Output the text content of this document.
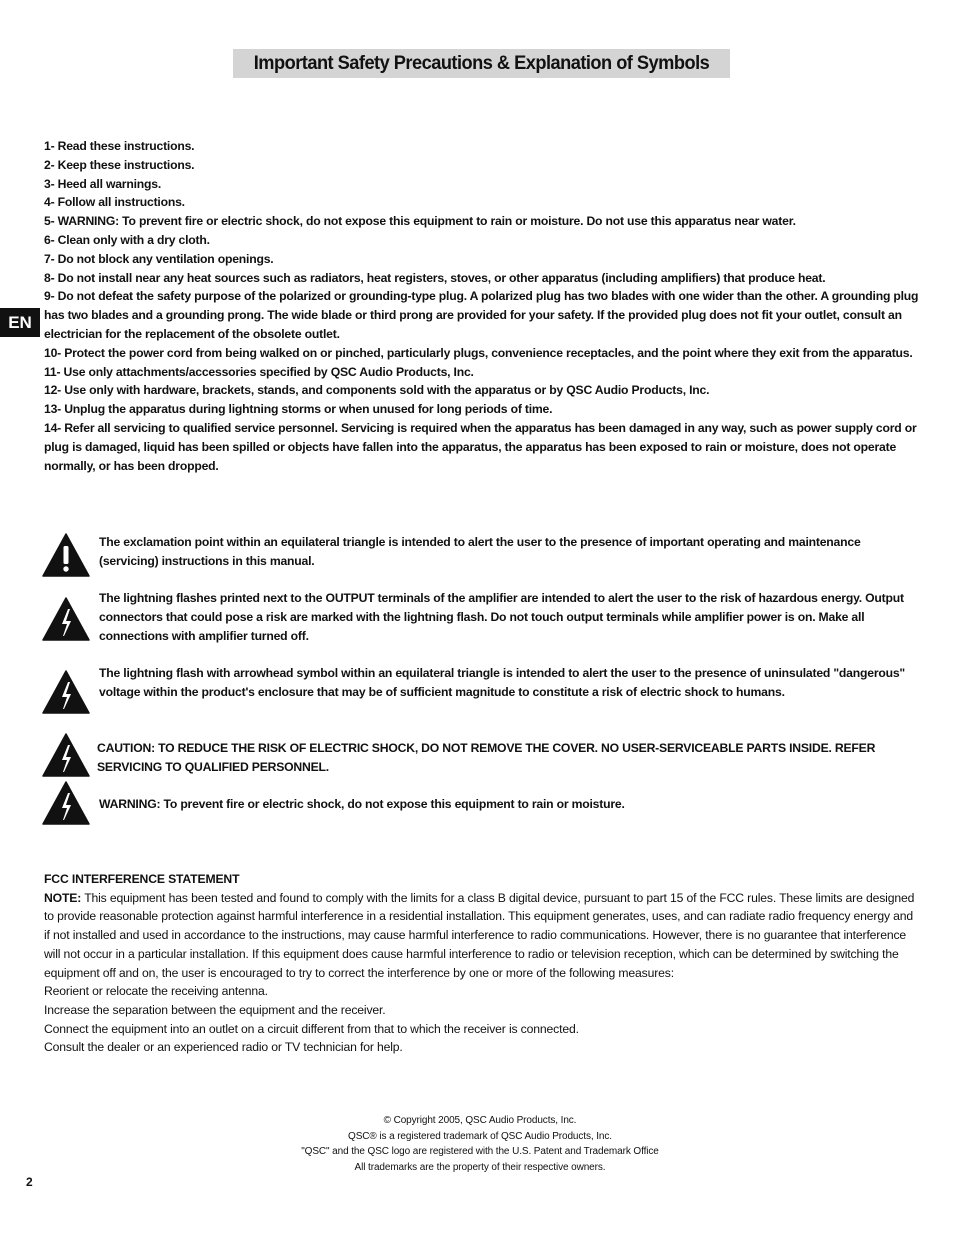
Important Safety Precautions & Explanation of Symbols
EN
1- Read these instructions.
2- Keep these instructions.
3- Heed all warnings.
4- Follow all instructions.
5- WARNING: To prevent fire or electric shock, do not expose this equipment to rain or moisture. Do not use this apparatus near water.
6- Clean only with a dry cloth.
7- Do not block any ventilation openings.
8- Do not install near any heat sources such as radiators, heat registers, stoves, or other apparatus (including amplifiers) that produce heat.
9- Do not defeat the safety purpose of the polarized or grounding-type plug. A polarized plug has two blades with one wider than the other. A grounding plug has two blades and a grounding prong. The wide blade or third prong are provided for your safety. If the provided plug does not fit your outlet, consult an electrician for the replacement of the obsolete outlet.
10- Protect the power cord from being walked on or pinched, particularly plugs, convenience receptacles, and the point where they exit from the apparatus.
11- Use only attachments/accessories specified by QSC Audio Products, Inc.
12- Use only with hardware, brackets, stands, and components sold with the apparatus or by QSC Audio Products, Inc.
13- Unplug the apparatus during lightning storms or when unused for long periods of time.
14- Refer all servicing to qualified service personnel. Servicing is required when the apparatus has been damaged in any way, such as power supply cord or plug is damaged, liquid has been spilled or objects have fallen into the apparatus, the apparatus has been exposed to rain or moisture, does not operate normally, or has been dropped.

The exclamation point within an equilateral triangle is intended to alert the user to the presence of important operating and maintenance (servicing) instructions in this manual.

The lightning flashes printed next to the OUTPUT terminals of the amplifier are intended to alert the user to the risk of hazardous energy. Output connectors that could pose a risk are marked with the lightning flash. Do not touch output terminals while amplifier power is on. Make all connections with amplifier turned off.

The lightning flash with arrowhead symbol within an equilateral triangle is intended to alert the user to the presence of uninsulated "dangerous" voltage within the product's enclosure that may be of sufficient magnitude to constitute a risk of electric shock to humans.

CAUTION: TO REDUCE THE RISK OF ELECTRIC SHOCK, DO NOT REMOVE THE COVER. NO USER-SERVICEABLE PARTS INSIDE. REFER SERVICING TO QUALIFIED PERSONNEL.

WARNING: To prevent fire or electric shock, do not expose this equipment to rain or moisture.

FCC INTERFERENCE STATEMENT

NOTE: This equipment has been tested and found to comply with the limits for a class B digital device, pursuant to part 15 of the FCC rules. These limits are designed to provide reasonable protection against harmful interference in a residential installation. This equipment generates, uses, and can radiate radio frequency energy and if not installed and used in accordance to the instructions, may cause harmful interference to radio communications. However, there is no guarantee that interference will not occur in a particular installation. If this equipment does cause harmful interference to radio or television reception, which can be determined by switching the equipment off and on, the user is encouraged to try to correct the interference by one or more of the following measures:

Reorient or relocate the receiving antenna.

Increase the separation between the equipment and the receiver.

Connect the equipment into an outlet on a circuit different from that to which the receiver is connected.

Consult the dealer or an experienced radio or TV technician for help.

© Copyright 2005, QSC Audio Products, Inc.

QSC® is a registered trademark of QSC Audio Products, Inc.

"QSC" and the QSC logo are registered with the U.S. Patent and Trademark Office

All trademarks are the property of their respective owners.

2
